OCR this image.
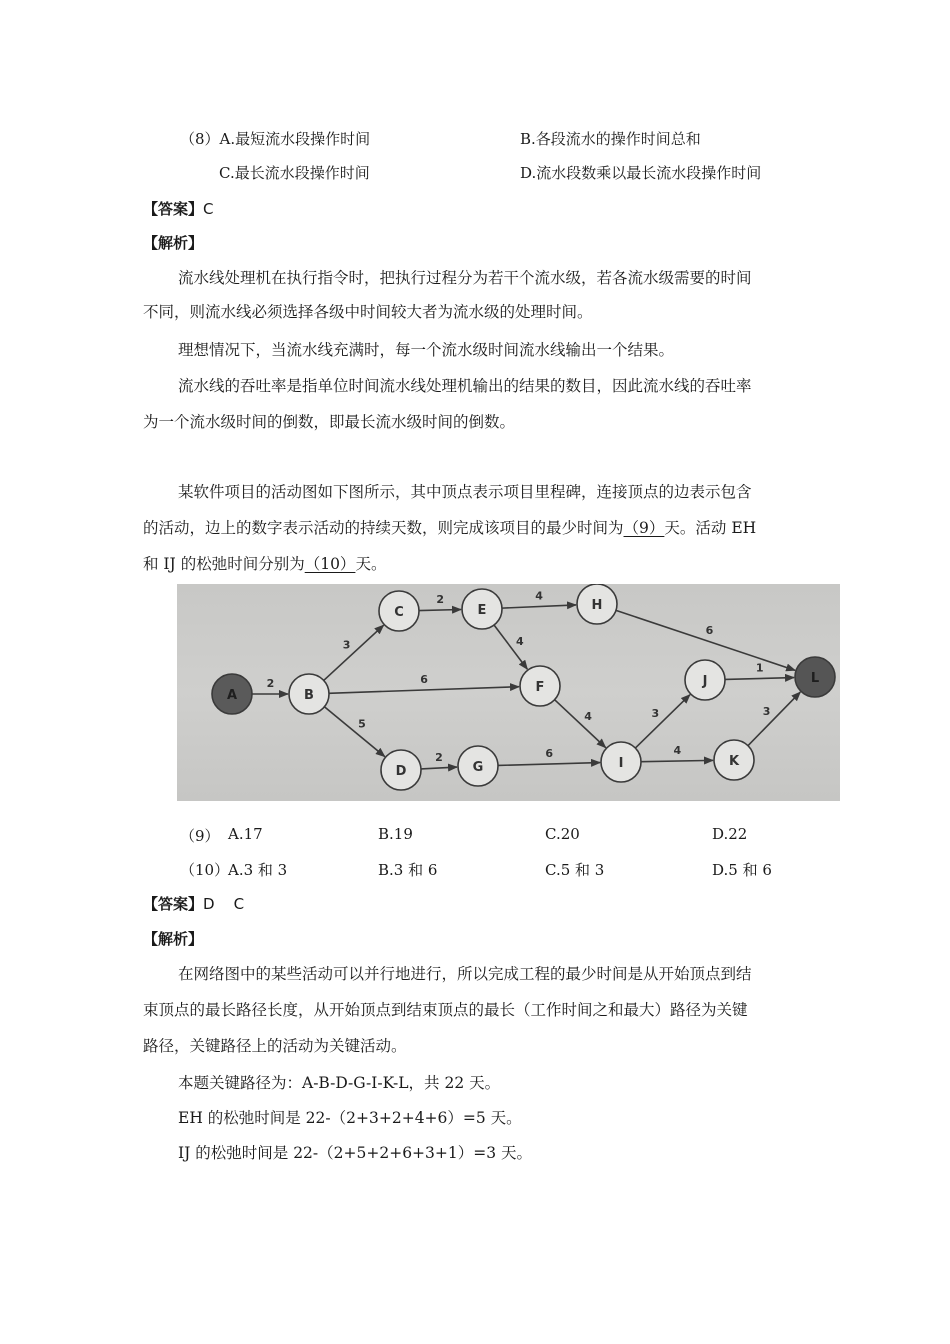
（8）A.最短流水段操作时间	B.各段流水的操作时间总和
C.最长流水段操作时间	D.流水段数乘以最长流水段操作时间
【答案】C
【解析】
流水线处理机在执行指令时，把执行过程分为若干个流水级，若各流水级需要的时间
不同，则流水线必须选择各级中时间较大者为流水级的处理时间。
理想情况下，当流水线充满时，每一个流水级时间流水线输出一个结果。
流水线的吞吐率是指单位时间流水线处理机输出的结果的数目，因此流水线的吞吐率
为一个流水级时间的倒数，即最长流水级时间的倒数。
某软件项目的活动图如下图所示，其中顶点表示项目里程碑，连接顶点的边表示包含
的活动，边上的数字表示活动的持续天数，则完成该项目的最少时间为（9）天。活动 EH
和 IJ 的松弛时间分别为（10）天。
2
3
6
5
2	4
4
6
4
2	6
3
4
1
3
A	B
C	E	H
F	J	L
D	G	I	K
（9） A.17	B.19	C.20	D.22
（10）
A.3 和 3	B.3 和 6	C.5 和 3	D.5 和 6
【答案】D    C
【解析】
在网络图中的某些活动可以并行地进行，所以完成工程的最少时间是从开始顶点到结
束顶点的最长路径长度，从开始顶点到结束顶点的最长（工作时间之和最大）路径为关键
路径，关键路径上的活动为关键活动。
本题关键路径为：A-B-D-G-I-K-L，共 22 天。
EH 的松弛时间是 22-（2+3+2+4+6）=5 天。
IJ 的松弛时间是 22-（2+5+2+6+3+1）=3 天。
